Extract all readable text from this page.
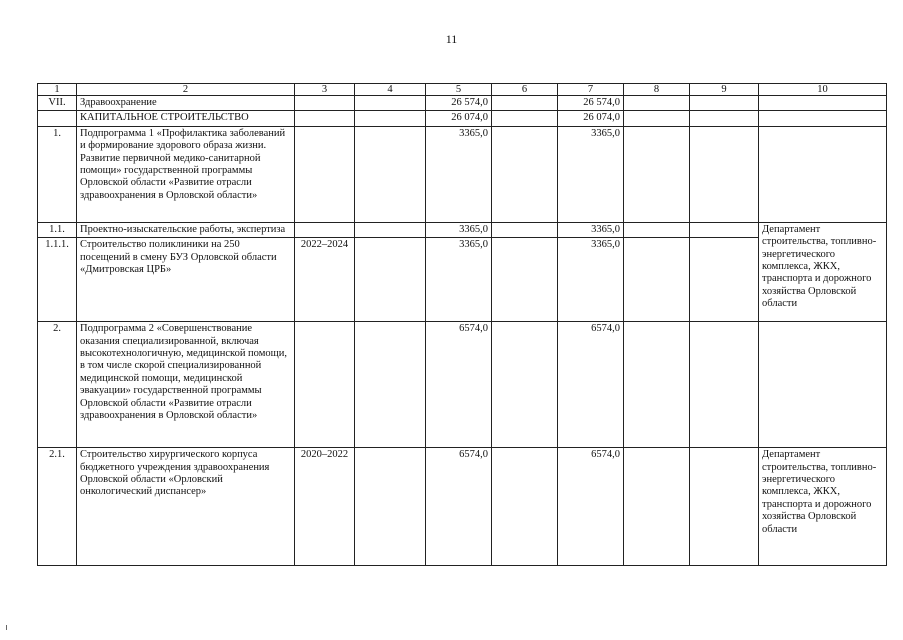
11
1	2	3	4	5	6	7	8	9	10
VII.	Здравоохранение			26 574,0		26 574,0			
	КАПИТАЛЬНОЕ СТРОИТЕЛЬСТВО			26 074,0		26 074,0			
1.	Подпрограмма 1 «Профилактика заболеваний и формирование здорового образа жизни. Развитие первичной медико-санитарной помощи» государственной программы Орловской области «Развитие отрасли здравоохранения в Орловской области»			3365,0		3365,0			
1.1.	Проектно-изыскательские работы, экспертиза			3365,0		3365,0			Департамент строительства, топливно-энергетического комплекса, ЖКХ, транспорта и дорожного хозяйства Орловской области
1.1.1.	Строительство поликлиники на 250 посещений в смену БУЗ Орловской области «Дмитровская ЦРБ»	2022–2024		3365,0		3365,0			
2.	Подпрограмма 2 «Совершенствование оказания специализированной, включая высокотехнологичную, медицинской помощи, в том числе скорой специализированной медицинской помощи, медицинской эвакуации» государственной программы Орловской области «Развитие отрасли здравоохранения в Орловской области»			6574,0		6574,0			
2.1.	Строительство хирургического корпуса бюджетного учреждения здравоохранения Орловской области «Орловский онкологический диспансер»	2020–2022		6574,0		6574,0			Департамент строительства, топливно-энергетического комплекса, ЖКХ, транспорта и дорожного хозяйства Орловской области
